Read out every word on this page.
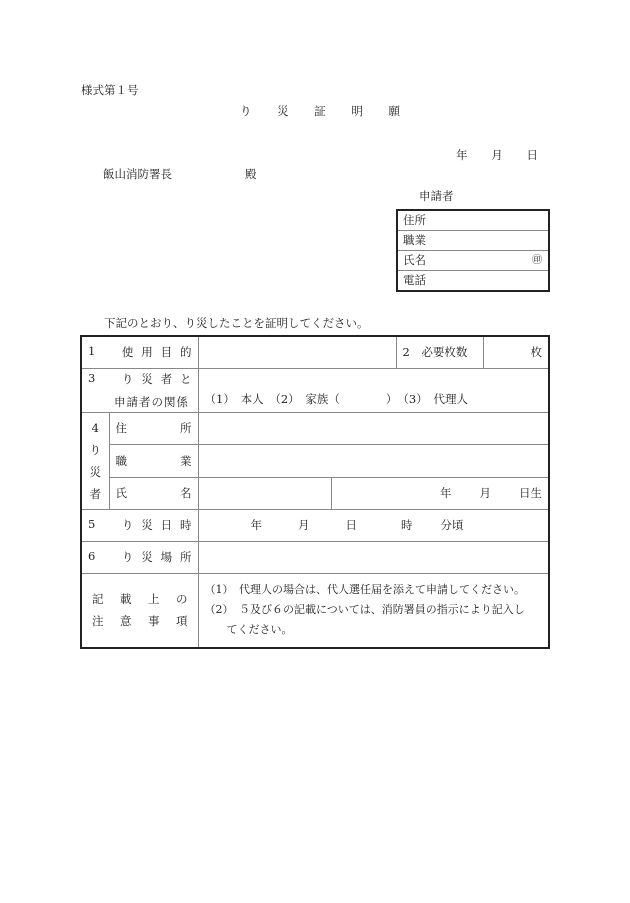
様式第１号
り 災 証 明 願
年 月 日
飯山消防署長	殿
申請者
住所
職業
氏名	㊞
電話
下記のとおり、り災したことを証明してください。
1 使 用 目 的				2　 必要枚数	枚

3	り 災 者 と
申請者の関係	（1）　本人　（2）　家族（　　　　）　（3）　代理人

4
り
災
者

住	所

	職 業				

	氏 名		年 月 日生		

5 り 災 日 時		年 月 日 時 分頃			

6 り 災 場 所					

記 載 上 の
注 意 事 項

（1）　代理人の場合は、代人選任届を添えて申請してください。
（2）　５及び６の記載については、消防署員の指示により記入し
　　てください。
